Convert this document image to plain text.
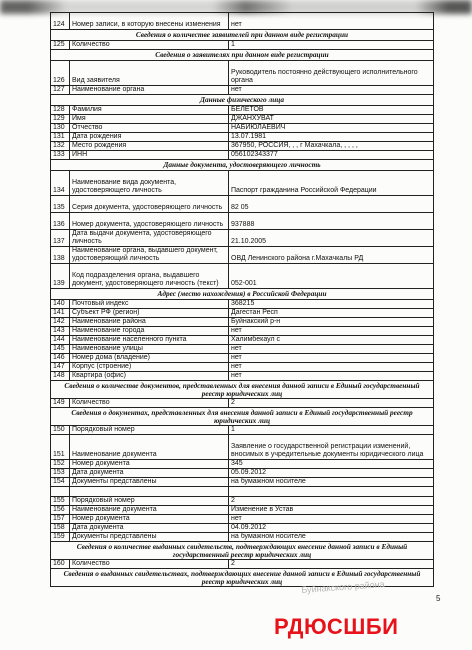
124	Номер записи, в которую внесены изменения	нет
Сведения о количестве заявителей при данном виде регистрации		
125	Количество	1
Сведения о заявителях при данном виде регистрации		
126	Вид заявителя	Руководитель постоянно действующего исполнительного органа
127	Наименование органа	нет
Данные физического лица		
128	Фамилия	БЕЛЕТОВ
129	Имя	ДЖАНХУВАТ
130	Отчество	НАБИЮЛАЕВИЧ
131	Дата рождения	13.07.1981
132	Место рождения	367950, РОССИЯ, , , г Махачкала, , , , ,
133	ИНН	056102343377
Данные документа, удостоверяющего личность		
134	Наименование вида документа, удостоверяющего личность	Паспорт гражданина Российской Федерации
135	Серия документа, удостоверяющего личность	82 05
136	Номер документа, удостоверяющего личность	937888
137	Дата выдачи документа, удостоверяющего личность	21.10.2005
138	Наименование органа, выдавшего документ, удостоверяющий личность	ОВД Ленинского района г.Махачкалы РД
139	Код подразделения органа, выдавшего документ, удостоверяющего личность (текст)	052-001
Адрес (место нахождения) в Российской Федерации		
140	Почтовый индекс	368215
141	Субъект РФ (регион)	Дагестан Респ
142	Наименование района	Буйнакский р-н
143	Наименование города	нет
144	Наименование населенного пункта	Халимбекаул с
145	Наименование улицы	нет
146	Номер дома (владение)	нет
147	Корпус (строение)	нет
148	Квартира (офис)	нет
Сведения о количестве документов, представленных для внесения данной записи в Единый государственный реестр юридических лиц		
149	Количество	2
Сведения о документах, представленных для внесения данной записи в Единый государственный реестр юридических лиц		
150	Порядковый номер	1
151	Наименование документа	Заявление о государственной регистрации изменений, вносимых в учредительные документы юридического лица
152	Номер документа	345
153	Дата документа	05.09.2012
154	Документы представлены	на бумажном носителе

155	Порядковый номер	2
156	Наименование документа	Изменение в Устав
157	Номер документа	нет
158	Дата документа	04.09.2012
159	Документы представлены	на бумажном носителе
Сведения о количестве выданных свидетельств, подтверждающих внесение данной записи в Единый государственный реестр юридических лиц		
160	Количество	2
Сведения о выданных свидетельствах, подтверждающих внесение данной записи в Единый государственный реестр юридических лиц			Буйнакского района
РДЮСШБИ
5
